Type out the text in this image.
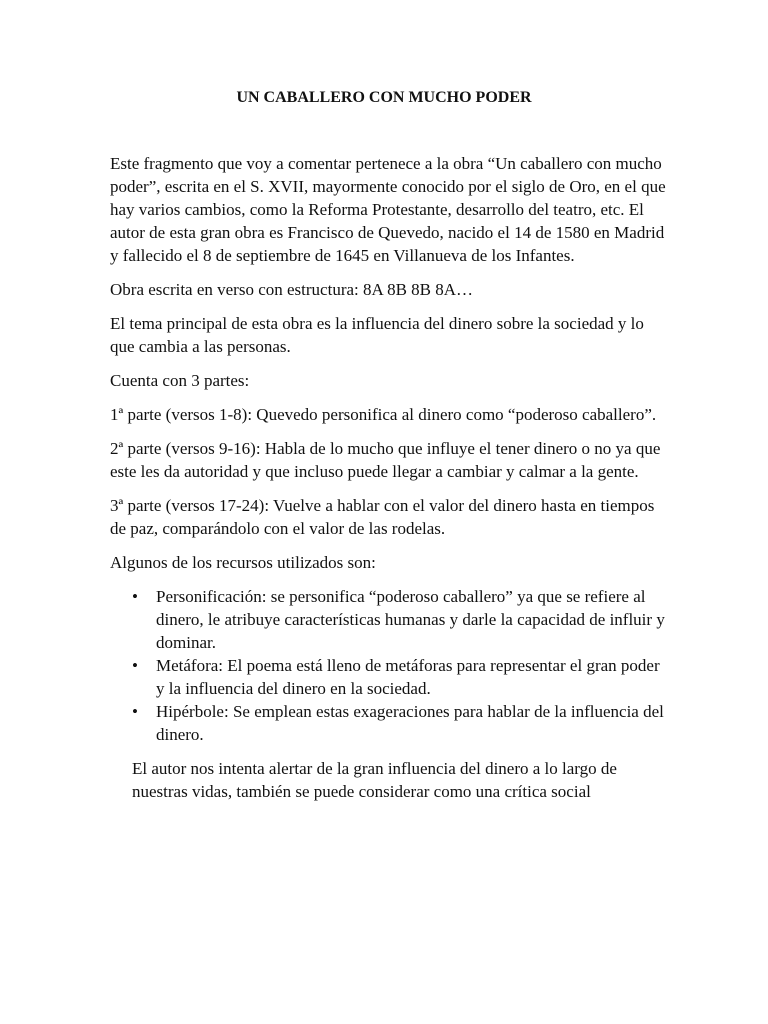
UN CABALLERO CON MUCHO PODER

Este fragmento que voy a comentar pertenece a la obra “Un caballero con mucho poder”, escrita en el S. XVII, mayormente conocido por el siglo de Oro, en el que hay varios cambios, como la Reforma Protestante, desarrollo del teatro, etc. El autor de esta gran obra es Francisco de Quevedo, nacido el 14 de 1580 en Madrid y fallecido el 8 de septiembre de 1645 en Villanueva de los Infantes.

Obra escrita en verso con estructura: 8A 8B 8B 8A…

El tema principal de esta obra es la influencia del dinero sobre la sociedad y lo que cambia a las personas.

Cuenta con 3 partes:

1ª parte (versos 1-8): Quevedo personifica al dinero como “poderoso caballero”.

2ª parte (versos 9-16): Habla de lo mucho que influye el tener dinero o no ya que este les da autoridad y que incluso puede llegar a cambiar y calmar a la gente.

3ª parte (versos 17-24): Vuelve a hablar con el valor del dinero hasta en tiempos de paz, comparándolo con el valor de las rodelas.

Algunos de los recursos utilizados son:

• Personificación: se personifica “poderoso caballero” ya que se refiere al dinero, le atribuye características humanas y darle la capacidad de influir y dominar.
• Metáfora: El poema está lleno de metáforas para representar el gran poder y la influencia del dinero en la sociedad.
• Hipérbole: Se emplean estas exageraciones para hablar de la influencia del dinero.

El autor nos intenta alertar de la gran influencia del dinero a lo largo de nuestras vidas, también se puede considerar como una crítica social
